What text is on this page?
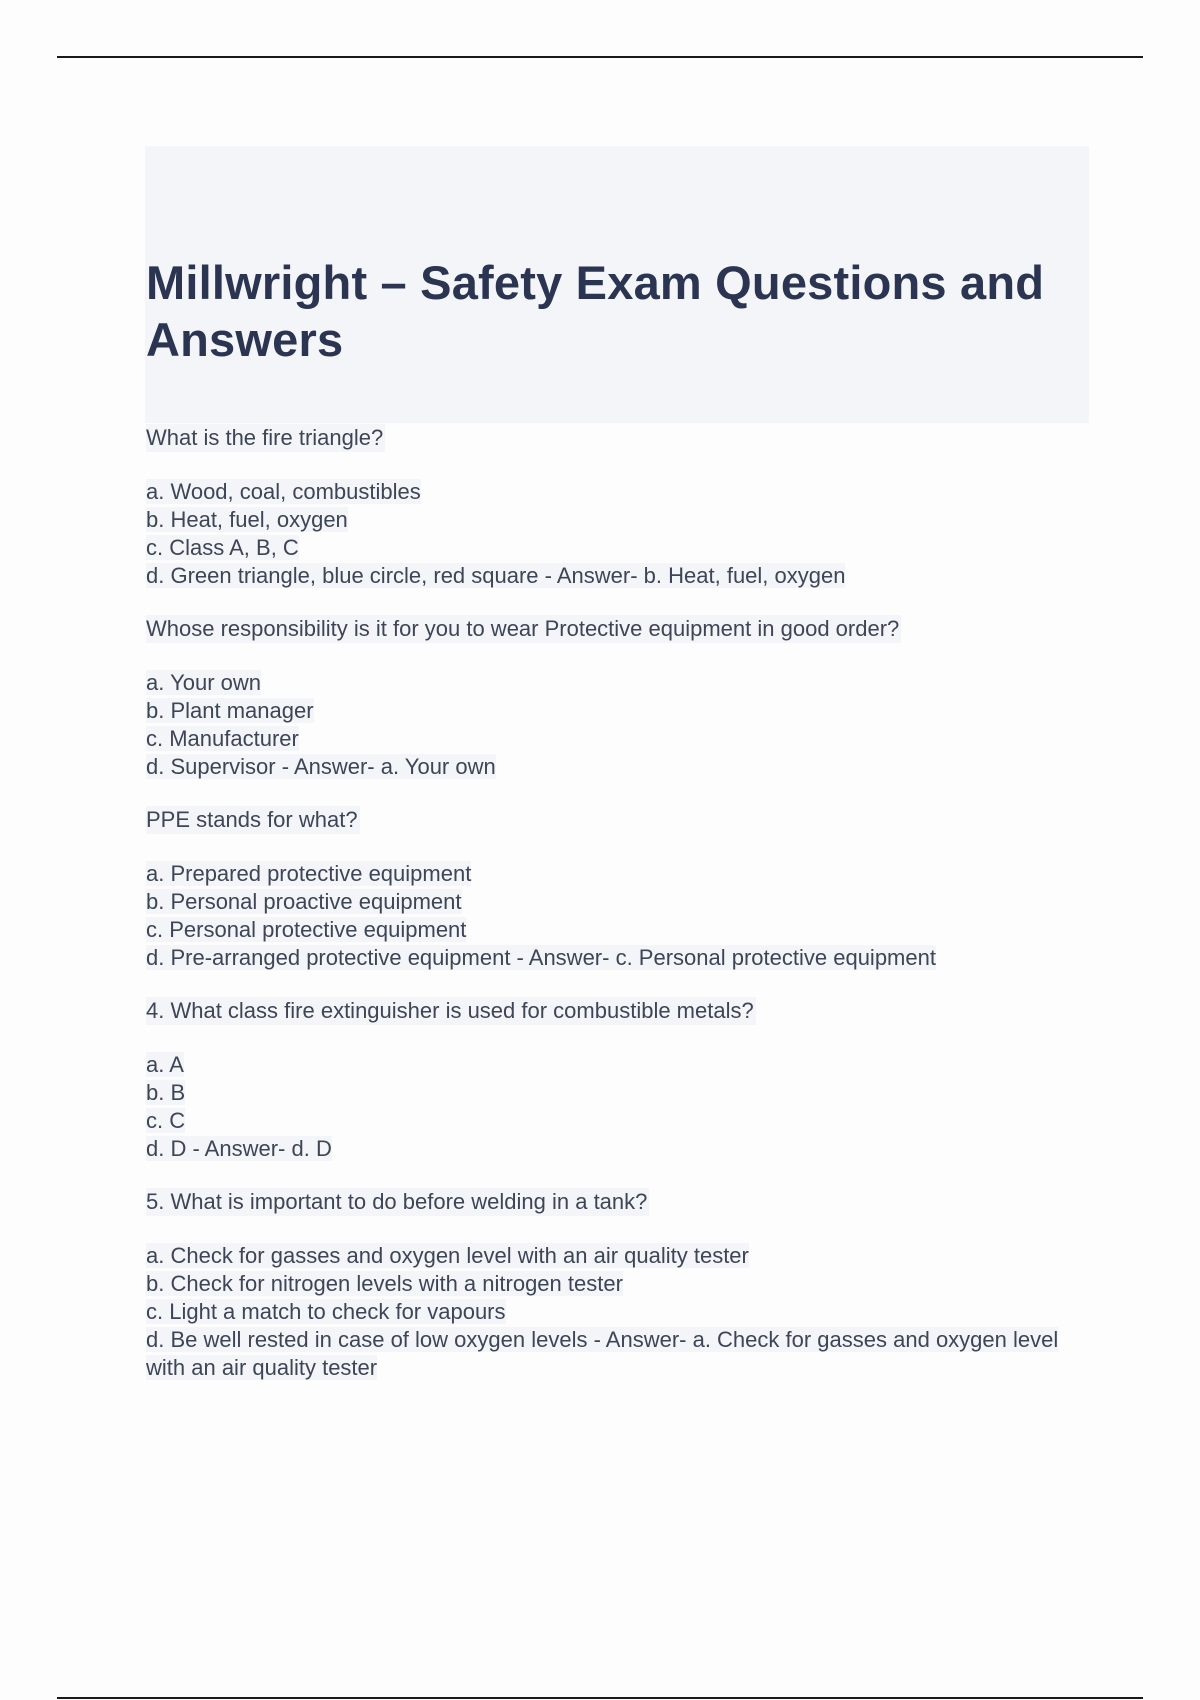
Millwright – Safety Exam Questions and Answers

What is the fire triangle?

a. Wood, coal, combustibles
b. Heat, fuel, oxygen
c. Class A, B, C
d. Green triangle, blue circle, red square - Answer- b. Heat, fuel, oxygen

Whose responsibility is it for you to wear Protective equipment in good order?

a. Your own
b. Plant manager
c. Manufacturer
d. Supervisor - Answer- a. Your own

PPE stands for what?

a. Prepared protective equipment
b. Personal proactive equipment
c. Personal protective equipment
d. Pre-arranged protective equipment - Answer- c. Personal protective equipment

4. What class fire extinguisher is used for combustible metals?

a. A
b. B
c. C
d. D - Answer- d. D

5. What is important to do before welding in a tank?

a. Check for gasses and oxygen level with an air quality tester
b. Check for nitrogen levels with a nitrogen tester
c. Light a match to check for vapours
d. Be well rested in case of low oxygen levels - Answer- a. Check for gasses and oxygen level with an air quality tester
